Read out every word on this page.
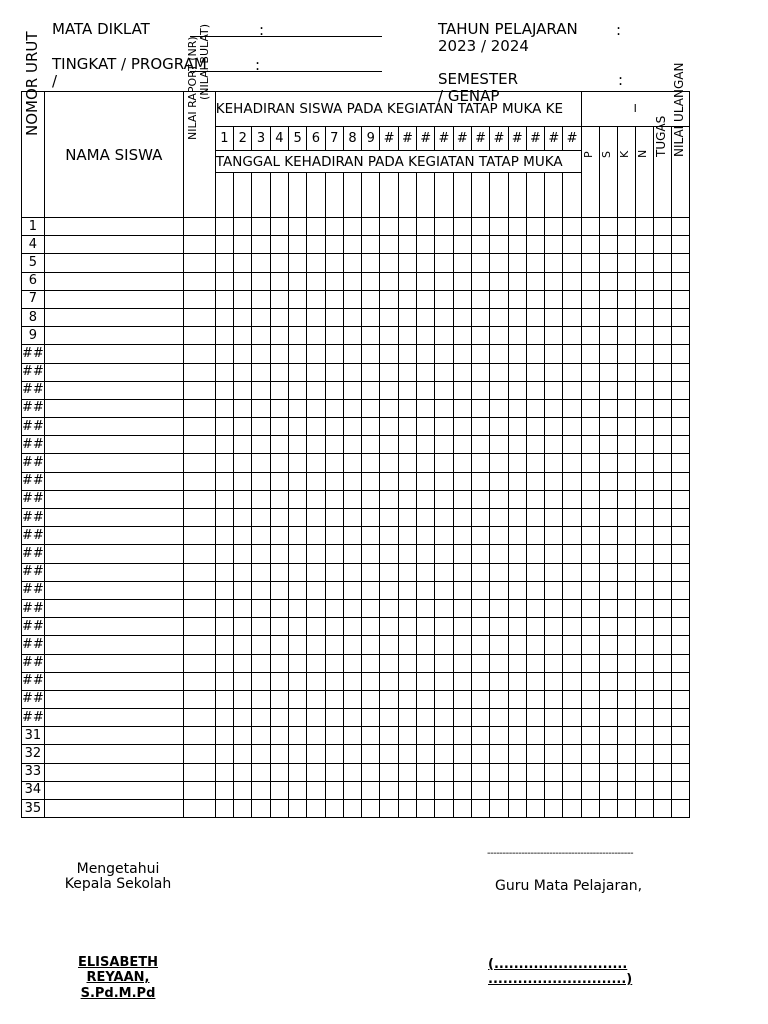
MATA DIKLAT	:
TINGKAT / PROGRAM
/
:
TAHUN PELAJARAN	:
2023 / 2024
SEMESTER	:
/ GENAP
NOMOR URUT	NAMA SISWA	NILAI RAPORT (NR) (NILAI BULAT)	KEHADIRAN SISWA PADA KEGIATAN TATAP MUKA KE																				I					
			1	2	3	4	5	6	7	8	9	#	#	#	#	#	#	#	#	#	#	#	P	S	K	N	TUGAS	NILAI ULANGAN

			TANGGAL KEHADIRAN PADA KEGIATAN TATAP MUKA																									

1																												
4																												
5																												
6																												
7																												
8																												
9																												
##																												
##																												
##																												
##																												
##																												
##																												
##																												
##																												
##																												
##																												
##																												
##																												
##																												
##																												
##																												
##																												
##																												
##																												
##																												
##																												
##																												
31																												
32																												
33																												
34																												
35																												
Mengetahui
Kepala Sekolah
-----------------------------------------------
Guru Mata Pelajaran,
ELISABETH
REYAAN,
S.Pd.M.Pd
(...........................
............................)
